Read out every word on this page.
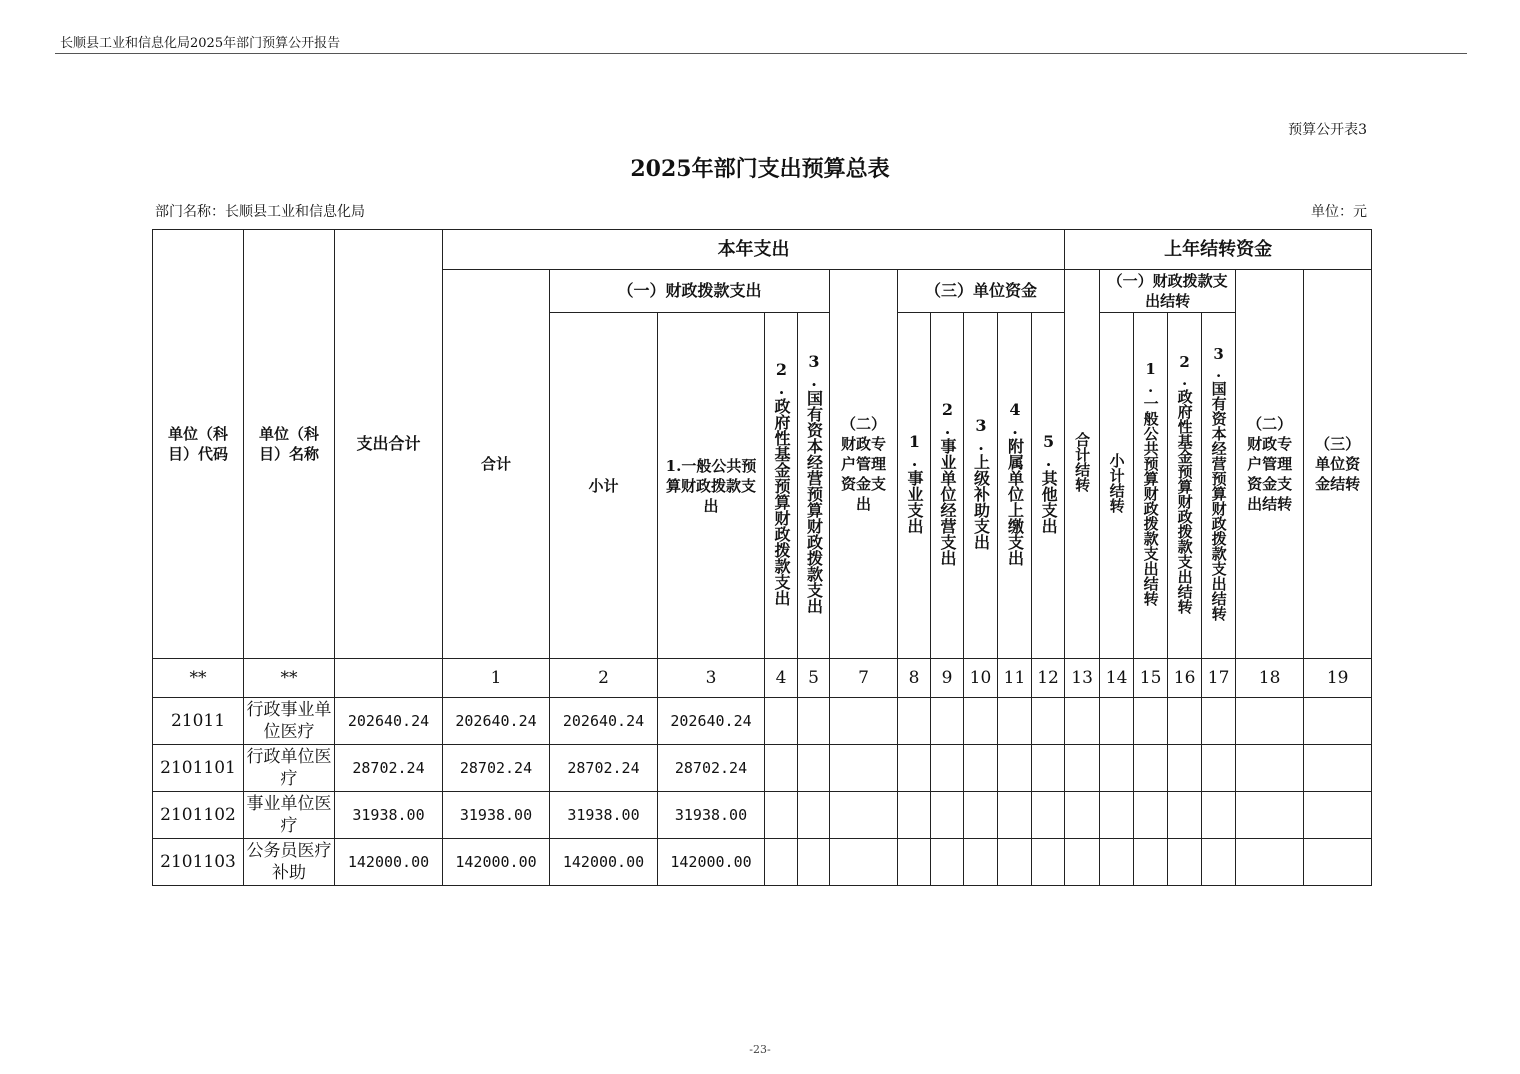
长顺县工业和信息化局2025年部门预算公开报告
预算公开表3
2025年部门支出预算总表
部门名称：长顺县工业和信息化局	单位：元
单位（科目）代码	单位（科目）名称	支出合计	本年支出											上年结转资金						
			合计	（一）财政拨款支出				（二）财政专户管理资金支出	（三）单位资金					合计结转	（一）财政拨款支出结转				（二）财政专户管理资金支出结转	（三）单位资金结转
				小计	1.一般公共预算财政拨款支出	2.政府性基金预算财政拨款支出	3.国有资本经营预算财政拨款支出		1.事业支出	2.事业单位经营支出	3.上级补助支出	4.附属单位上缴支出	5.其他支出		小计结转	1.一般公共预算财政拨款支出结转	2.政府性基金预算财政拨款支出结转	3.国有资本经营预算财政拨款支出结转		
**	**		1	2	3	4	5	7	8	9	10	11	12	13	14	15	16	17	18	19
21011	行政事业单位医疗	202640.24	202640.24	202640.24	202640.24															
2101101	行政单位医疗	28702.24	28702.24	28702.24	28702.24															
2101102	事业单位医疗	31938.00	31938.00	31938.00	31938.00															
2101103	公务员医疗补助	142000.00	142000.00	142000.00	142000.00															
-23-
